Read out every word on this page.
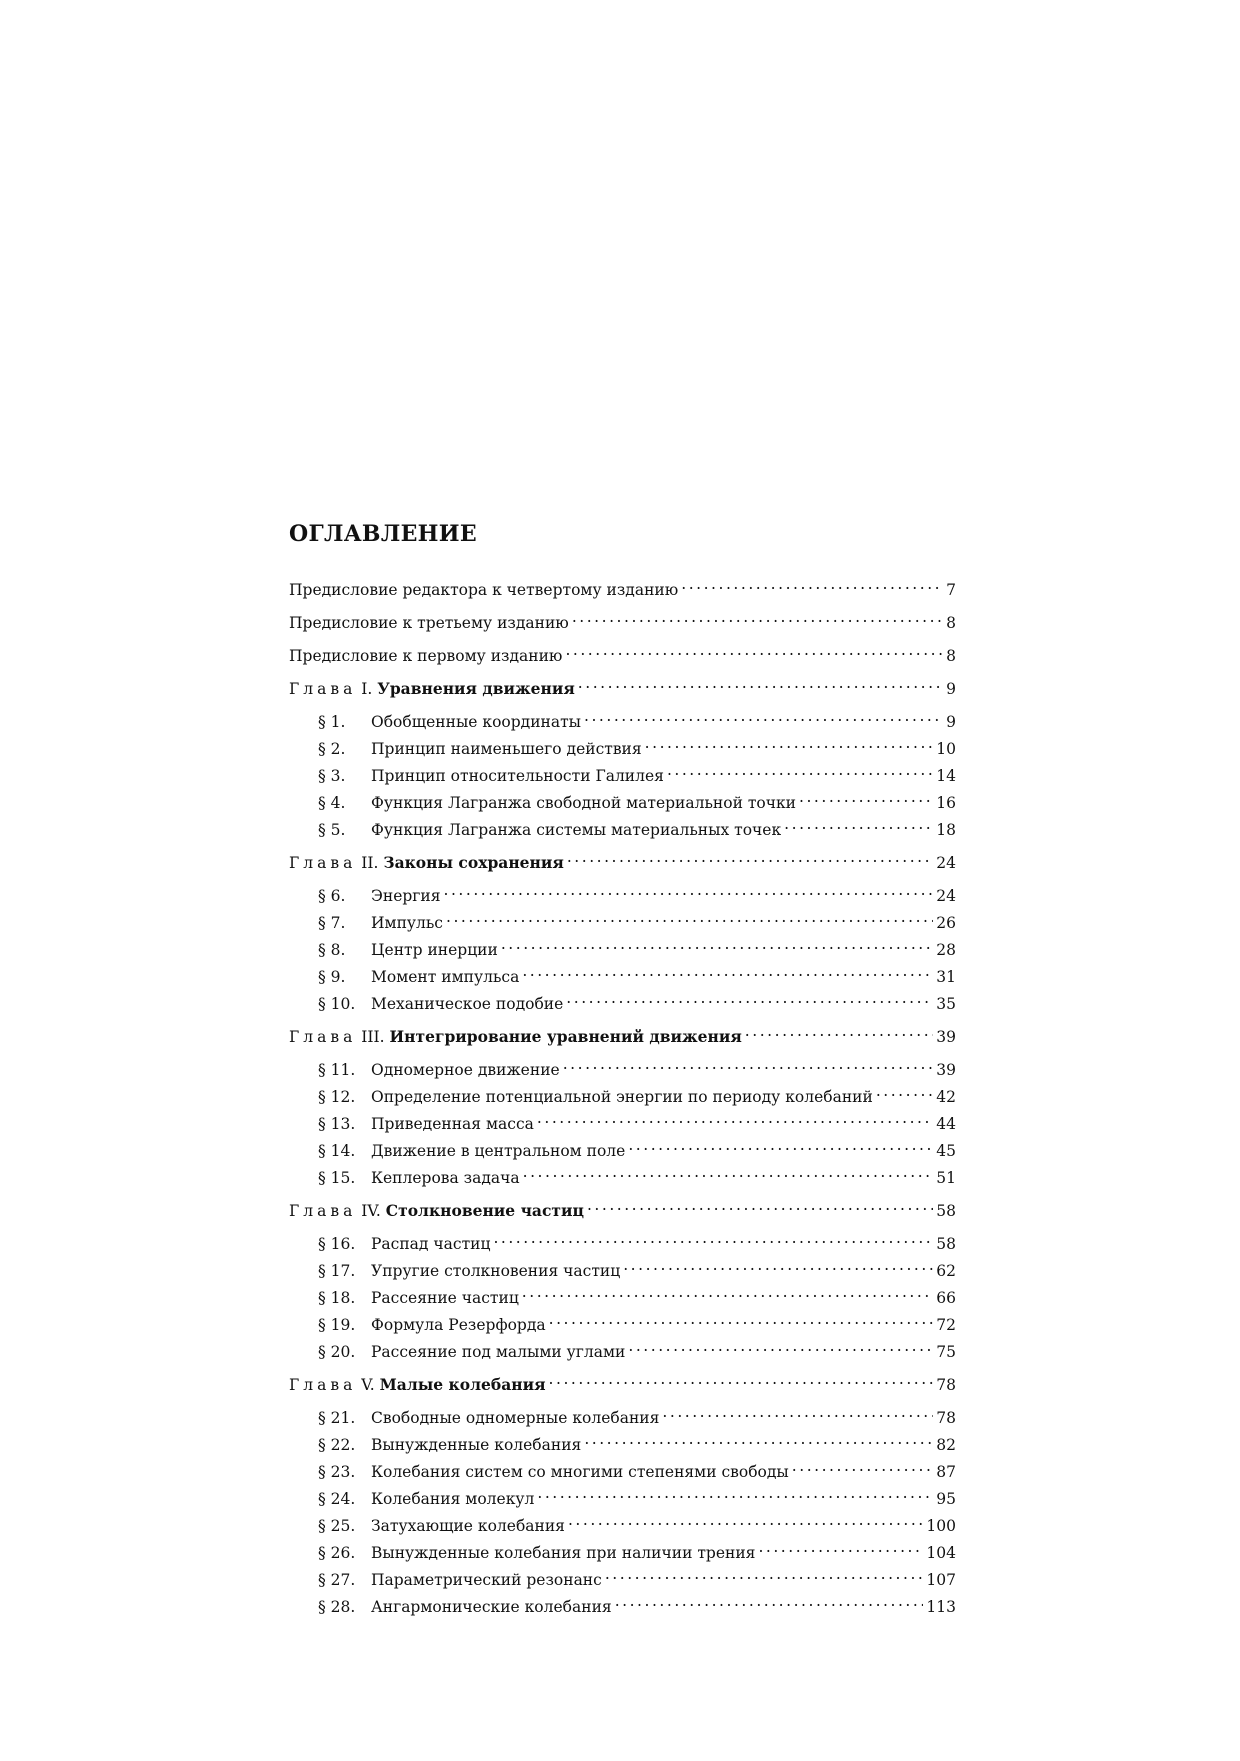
ОГЛАВЛЕНИЕ
Предисловие редактора к четвертому изданию . . .	7
Предисловие к третьему изданию . . .	8
Предисловие к первому изданию . . .	8
Глава I. Уравнения движения . . .	9
§ 1. Обобщенные координаты . . .	9
§ 2. Принцип наименьшего действия . . .	10
§ 3. Принцип относительности Галилея . . .	14
§ 4. Функция Лагранжа свободной материальной точки . . .	16
§ 5. Функция Лагранжа системы материальных точек . . .	18
Глава II. Законы сохранения . . .	24
§ 6. Энергия . . .	24
§ 7. Импульс . . .	26
§ 8. Центр инерции . . .	28
§ 9. Момент импульса . . .	31
§ 10. Механическое подобие . . .	35
Глава III. Интегрирование уравнений движения . . .	39
§ 11. Одномерное движение . . .	39
§ 12. Определение потенциальной энергии по периоду колебаний . . .	42
§ 13. Приведенная масса . . .	44
§ 14. Движение в центральном поле . . .	45
§ 15. Кеплерова задача . . .	51
Глава IV. Столкновение частиц . . .	58
§ 16. Распад частиц . . .	58
§ 17. Упругие столкновения частиц . . .	62
§ 18. Рассеяние частиц . . .	66
§ 19. Формула Резерфорда . . .	72
§ 20. Рассеяние под малыми углами . . .	75
Глава V. Малые колебания . . .	78
§ 21. Свободные одномерные колебания . . .	78
§ 22. Вынужденные колебания . . .	82
§ 23. Колебания систем со многими степенями свободы . . .	87
§ 24. Колебания молекул . . .	95
§ 25. Затухающие колебания . . .	100
§ 26. Вынужденные колебания при наличии трения . . .	104
§ 27. Параметрический резонанс . . .	107
§ 28. Ангармонические колебания . . .	113
